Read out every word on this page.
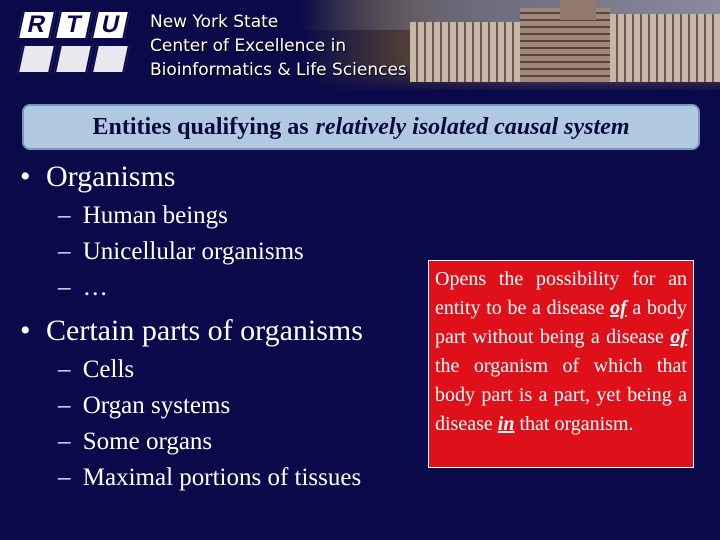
R T U	New York State
Center of Excellence in
Bioinformatics & Life Sciences
Entities qualifying as relatively isolated causal system
• Organisms
– Human beings
– Unicellular organisms
– …
• Certain parts of organisms
– Cells
– Organ systems
– Some organs
– Maximal portions of tissues
Opens the possibility for an entity to be a disease of a body part without being a disease of the organism of which that body part is a part, yet being a disease in that organism.
